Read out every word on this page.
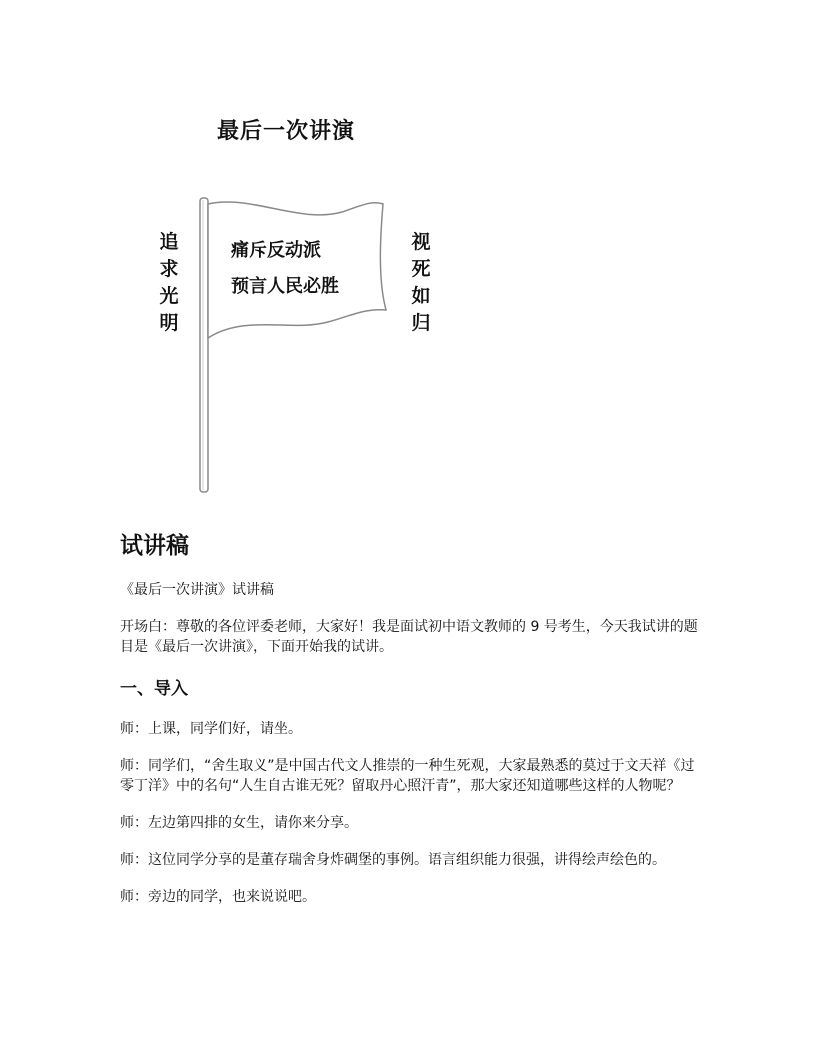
最后一次讲演
追
求
光
明
视
死
如
归
痛斥反动派
预言人民必胜
试讲稿

《最后一次讲演》试讲稿

开场白：尊敬的各位评委老师，大家好！我是面试初中语文教师的 9 号考生，今天我试讲的题目是《最后一次讲演》，下面开始我的试讲。

一、导入

师：上课，同学们好，请坐。

师：同学们，“舍生取义”是中国古代文人推崇的一种生死观，大家最熟悉的莫过于文天祥《过零丁洋》中的名句“人生自古谁无死？留取丹心照汗青”，那大家还知道哪些这样的人物呢？

师：左边第四排的女生，请你来分享。

师：这位同学分享的是董存瑞舍身炸碉堡的事例。语言组织能力很强，讲得绘声绘色的。

师：旁边的同学，也来说说吧。
